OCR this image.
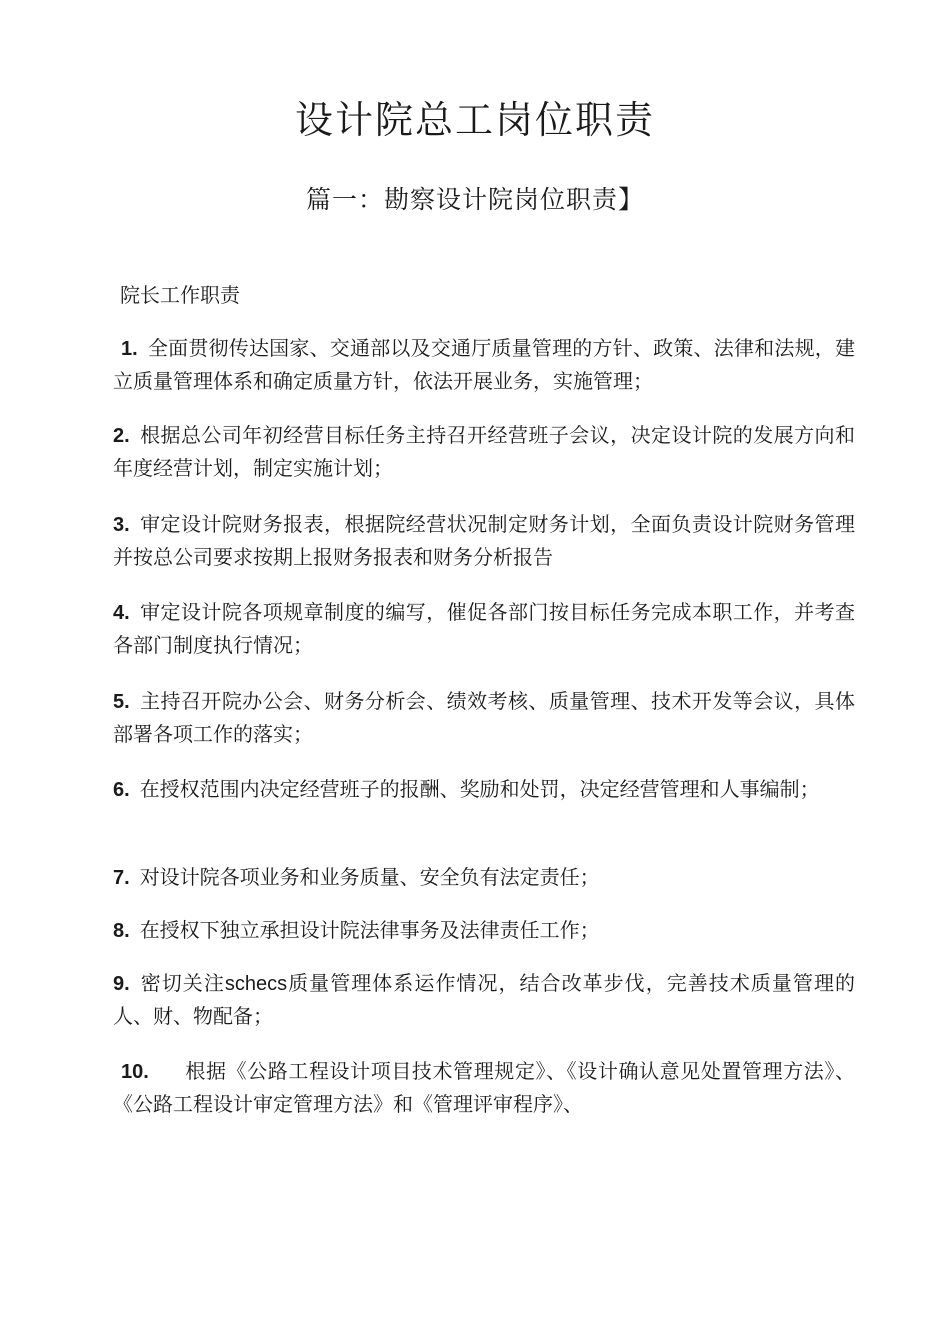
设计院总工岗位职责
篇一：勘察设计院岗位职责】
院长工作职责
1. 全面贯彻传达国家、交通部以及交通厅质量管理的方针、政策、法律和法规，建立质量管理体系和确定质量方针，依法开展业务，实施管理；
2. 根据总公司年初经营目标任务主持召开经营班子会议，决定设计院的发展方向和年度经营计划，制定实施计划；
3. 审定设计院财务报表，根据院经营状况制定财务计划，全面负责设计院财务管理并按总公司要求按期上报财务报表和财务分析报告
4. 审定设计院各项规章制度的编写，催促各部门按目标任务完成本职工作，并考查各部门制度执行情况；
5. 主持召开院办公会、财务分析会、绩效考核、质量管理、技术开发等会议，具体部署各项工作的落实；
6. 在授权范围内决定经营班子的报酬、奖励和处罚，决定经营管理和人事编制；
7. 对设计院各项业务和业务质量、安全负有法定责任；
8. 在授权下独立承担设计院法律事务及法律责任工作；
9. 密切关注schecs质量管理体系运作情况，结合改革步伐，完善技术质量管理的人、财、物配备；
10. 根据《公路工程设计项目技术管理规定》、《设计确认意见处置管理方法》、《公路工程设计审定管理方法》和《管理评审程序》、
